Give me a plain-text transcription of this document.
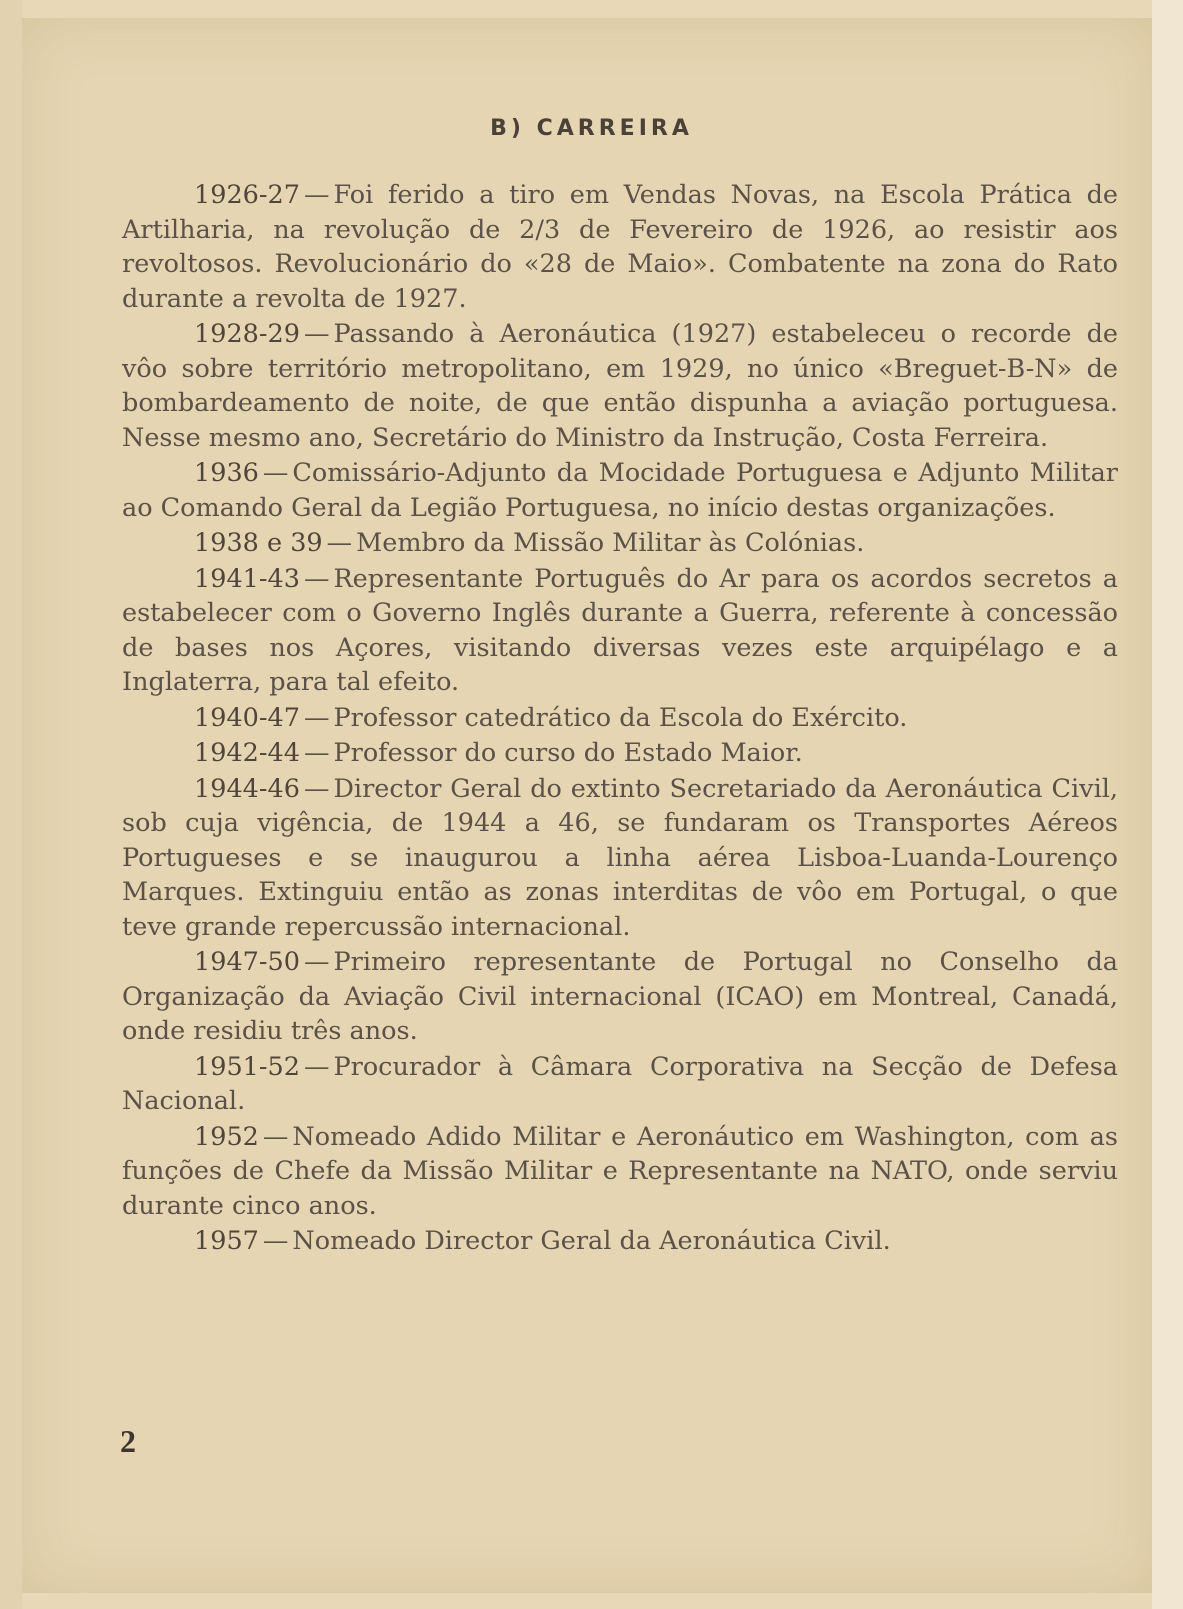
B) CARREIRA

1926-27 — Foi ferido a tiro em Vendas Novas, na Escola Prática de Artilharia, na revolução de 2/3 de Fevereiro de 1926, ao resistir aos revoltosos. Revolucionário do «28 de Maio». Combatente na zona do Rato durante a revolta de 1927.

1928-29 — Passando à Aeronáutica (1927) estabeleceu o recorde de vôo sobre território metropolitano, em 1929, no único «Breguet-B-N» de bombardeamento de noite, de que então dispunha a aviação portuguesa. Nesse mesmo ano, Secretário do Ministro da Instrução, Costa Ferreira.

1936 — Comissário-Adjunto da Mocidade Portuguesa e Adjunto Militar ao Comando Geral da Legião Portuguesa, no início destas organizações.

1938 e 39 — Membro da Missão Militar às Colónias.

1941-43 — Representante Português do Ar para os acordos secretos a estabelecer com o Governo Inglês durante a Guerra, referente à concessão de bases nos Açores, visitando diversas vezes este arquipélago e a Inglaterra, para tal efeito.

1940-47 — Professor catedrático da Escola do Exército.

1942-44 — Professor do curso do Estado Maior.

1944-46 — Director Geral do extinto Secretariado da Aeronáutica Civil, sob cuja vigência, de 1944 a 46, se fundaram os Transportes Aéreos Portugueses e se inaugurou a linha aérea Lisboa-Luanda-Lourenço Marques. Extinguiu então as zonas interditas de vôo em Portugal, o que teve grande repercussão internacional.

1947-50 — Primeiro representante de Portugal no Conselho da Organização da Aviação Civil internacional (ICAO) em Montreal, Canadá, onde residiu três anos.

1951-52 — Procurador à Câmara Corporativa na Secção de Defesa Nacional.

1952 — Nomeado Adido Militar e Aeronáutico em Washington, com as funções de Chefe da Missão Militar e Representante na NATO, onde serviu durante cinco anos.

1957 — Nomeado Director Geral da Aeronáutica Civil.

2
